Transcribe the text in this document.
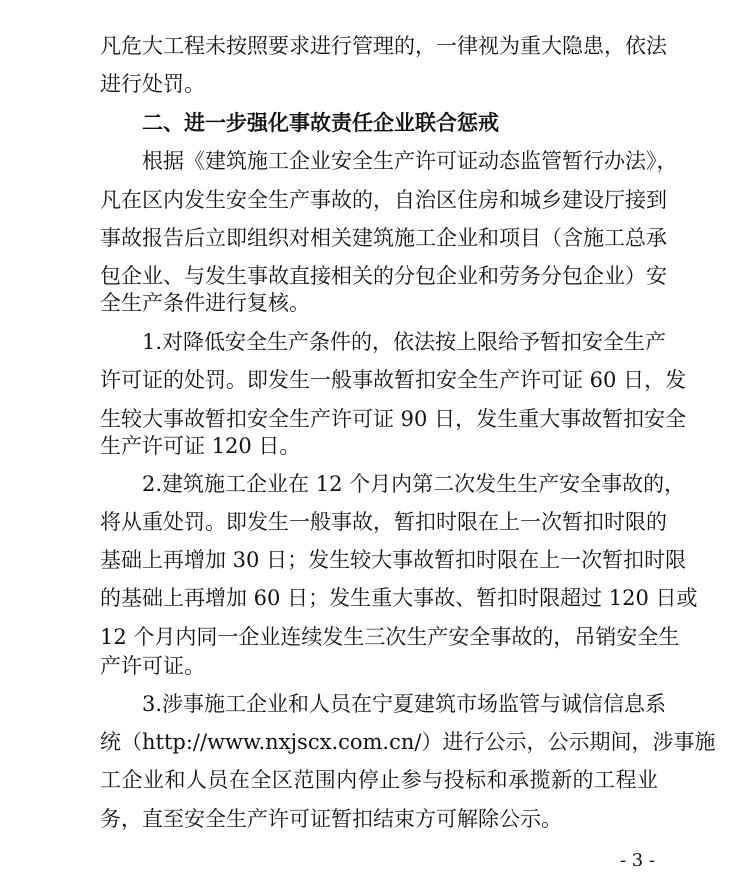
凡危大工程未按照要求进行管理的，一律视为重大隐患，依法
进行处罚。
二、进一步强化事故责任企业联合惩戒
根据《建筑施工企业安全生产许可证动态监管暂行办法》，
凡在区内发生安全生产事故的，自治区住房和城乡建设厅接到
事故报告后立即组织对相关建筑施工企业和项目（含施工总承
包企业、与发生事故直接相关的分包企业和劳务分包企业）安
全生产条件进行复核。
1.对降低安全生产条件的，依法按上限给予暂扣安全生产
许可证的处罚。即发生一般事故暂扣安全生产许可证 60 日，发
生较大事故暂扣安全生产许可证 90 日，发生重大事故暂扣安全
生产许可证 120 日。
2.建筑施工企业在 12 个月内第二次发生生产安全事故的，
将从重处罚。即发生一般事故，暂扣时限在上一次暂扣时限的
基础上再增加 30 日；发生较大事故暂扣时限在上一次暂扣时限
的基础上再增加 60 日；发生重大事故、暂扣时限超过 120 日或
12 个月内同一企业连续发生三次生产安全事故的，吊销安全生
产许可证。
3.涉事施工企业和人员在宁夏建筑市场监管与诚信信息系
统（http://www.nxjscx.com.cn/）进行公示，公示期间，涉事施
工企业和人员在全区范围内停止参与投标和承揽新的工程业
务，直至安全生产许可证暂扣结束方可解除公示。
- 3 -
